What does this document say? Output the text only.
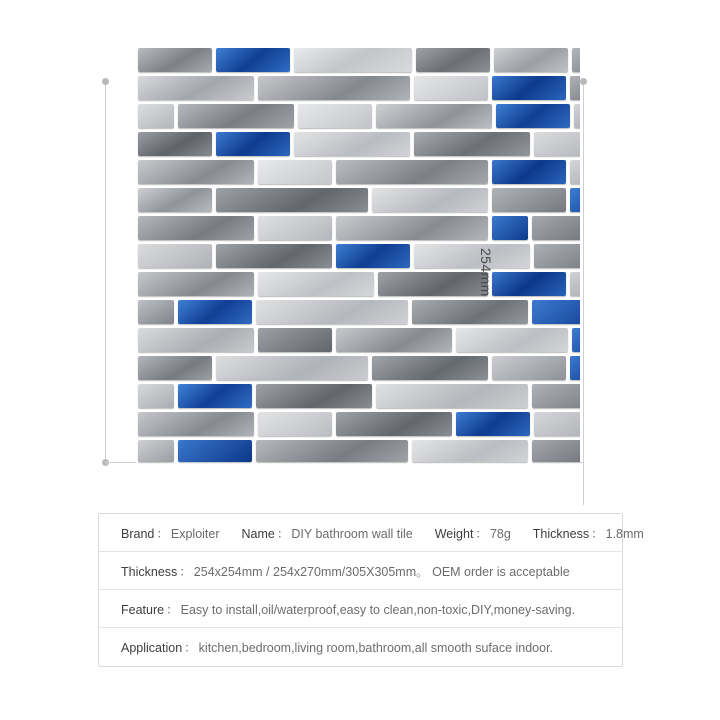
254mm
Brand ： Exploiter Name ： DIY bathroom wall tile Weight ： 78g Thickness ： 1.8mm
Thickness ： 254x254mm / 254x270mm/305X305mm。 OEM order is acceptable
Feature ： Easy to install,oil/waterproof,easy to clean,non-toxic,DIY,money-saving.
Application ： kitchen,bedroom,living room,bathroom,all smooth suface indoor.
